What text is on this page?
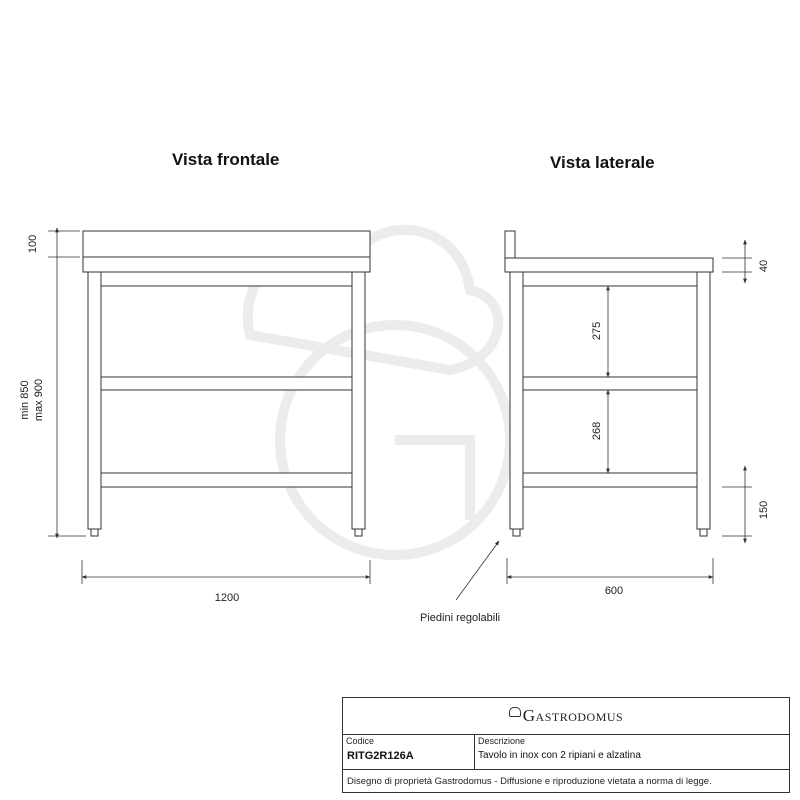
100
min 850 max 900
1200
275
268
40
150
600
Piedini regolabili
Vista frontale	Vista laterale
Gastrodomus
Codice
RITG2R126A
Descrizione
Tavolo in inox con 2 ripiani e alzatina
Disegno di proprietà Gastrodomus - Diffusione e riproduzione vietata a norma di legge.
